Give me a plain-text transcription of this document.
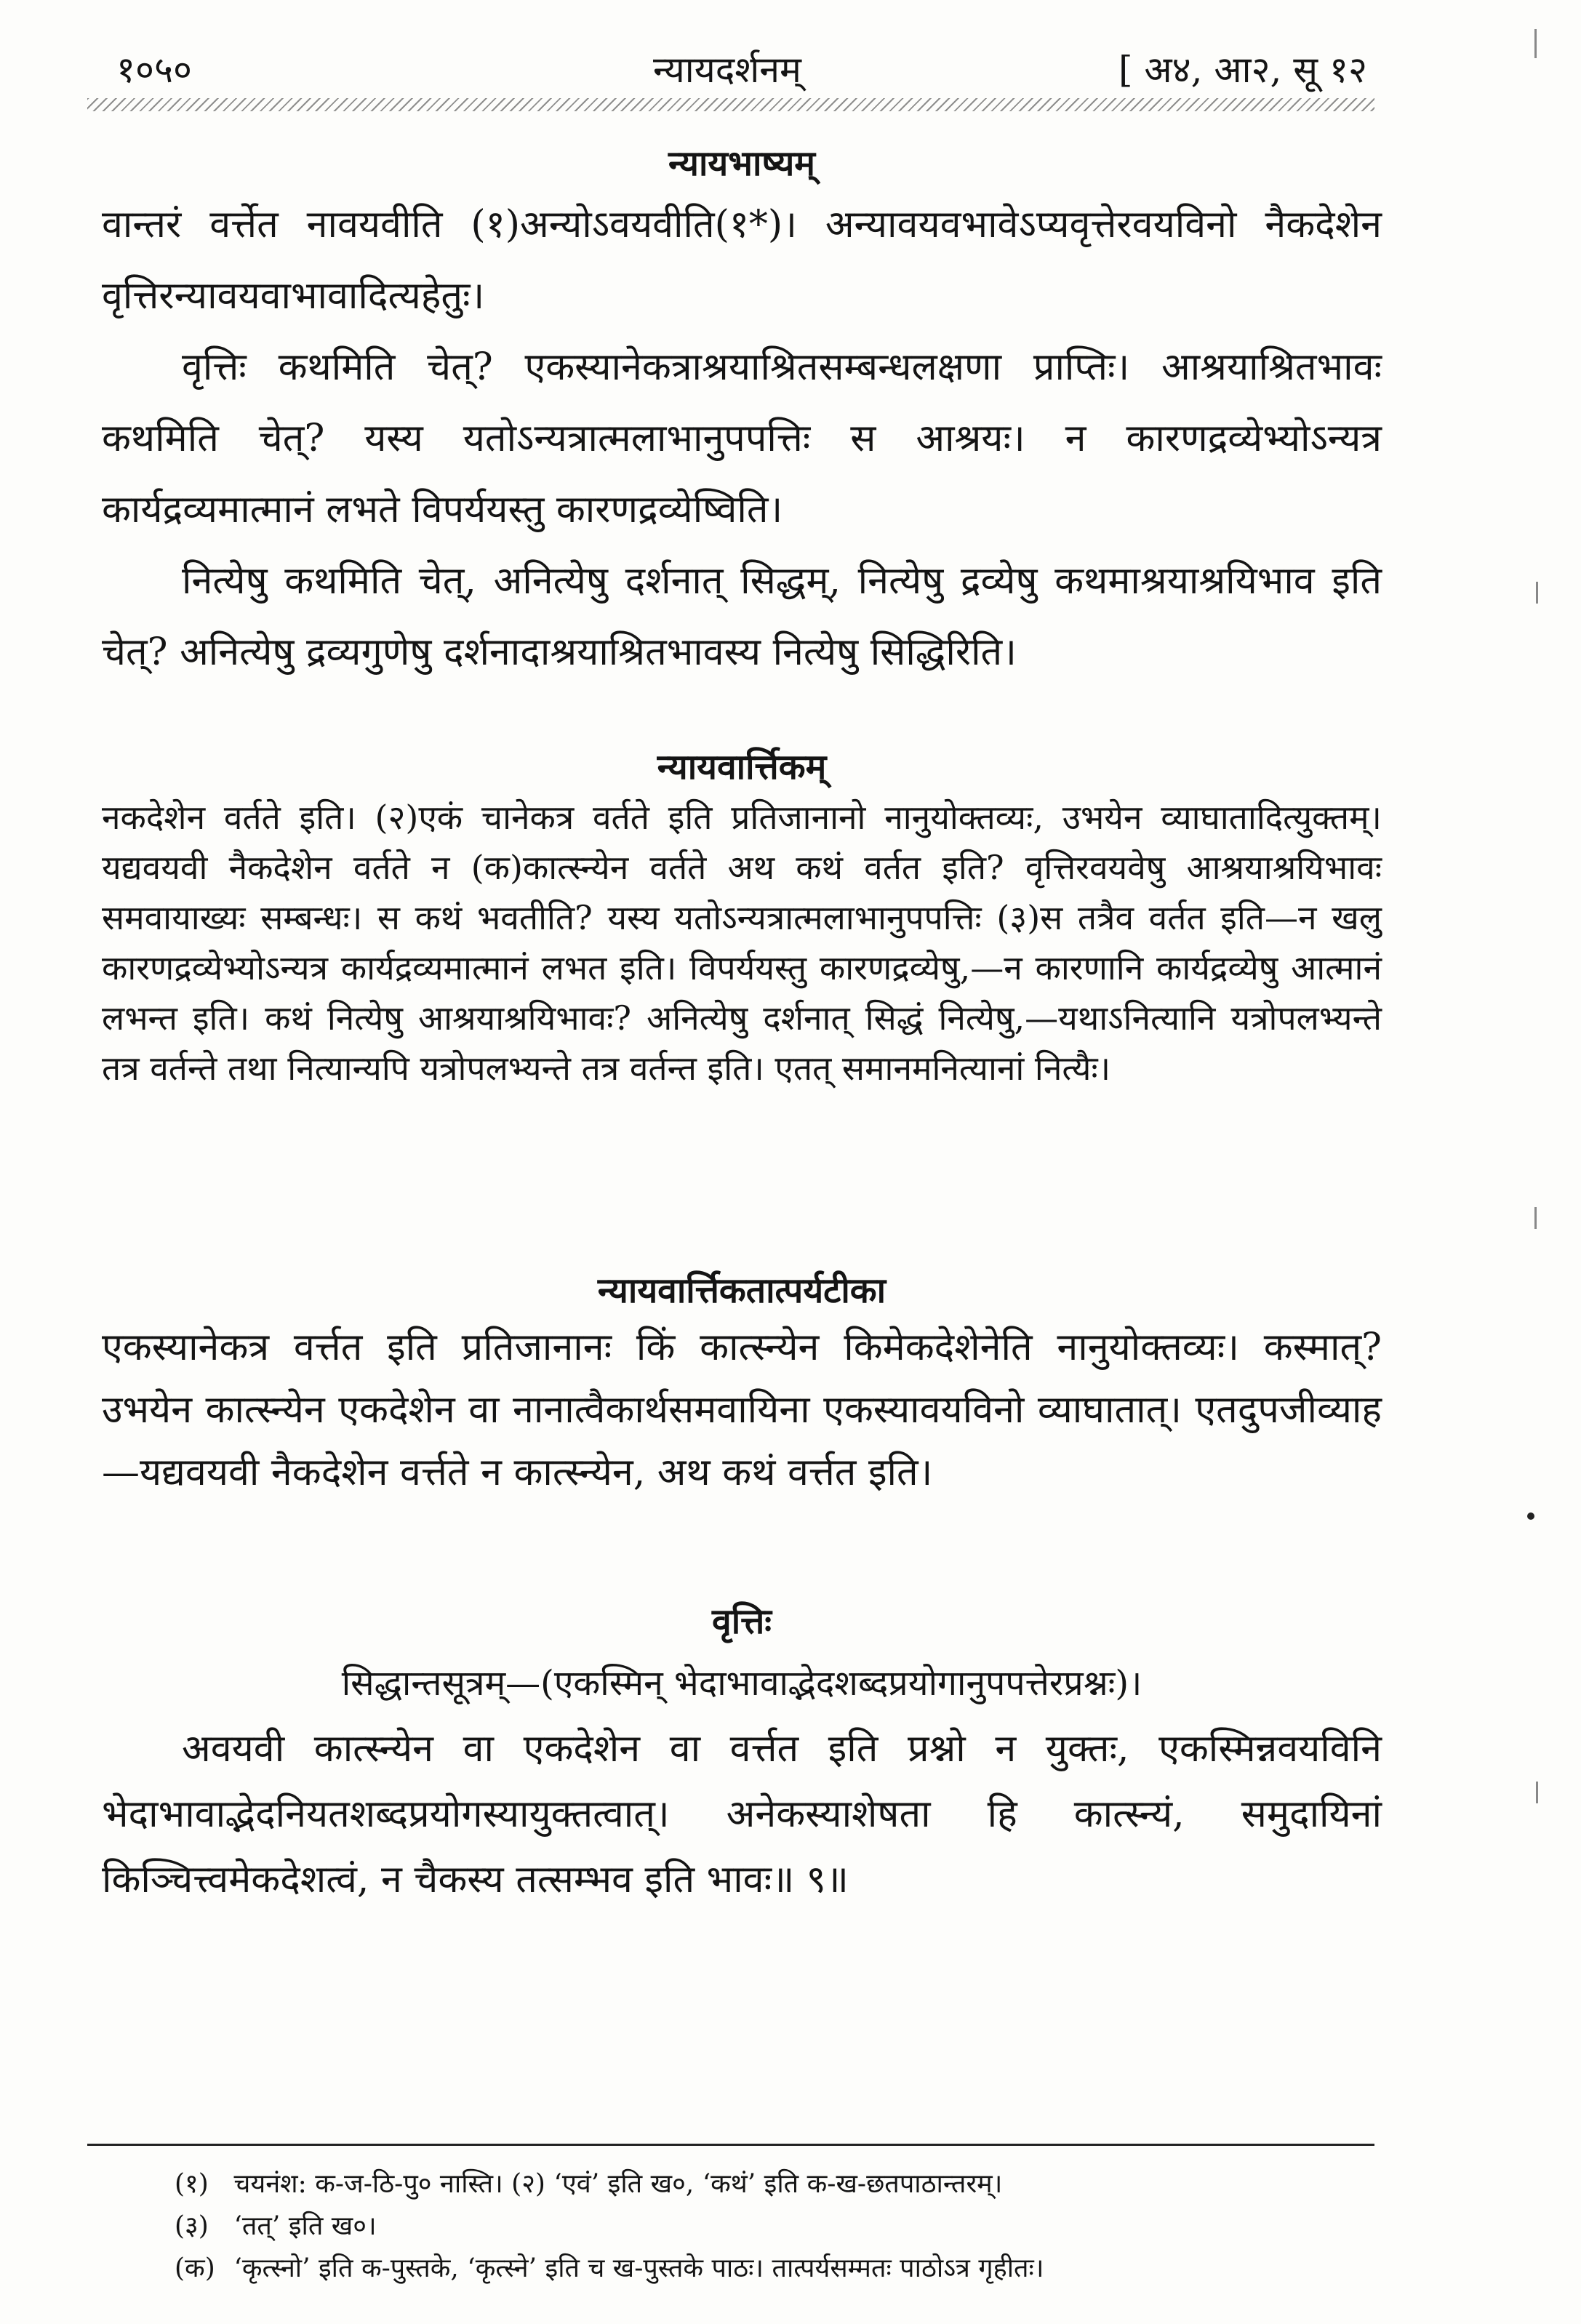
१०५०	न्यायदर्शनम्	[ अ४, आ२, सू १२

न्यायभाष्यम्

वान्तरं वर्त्तेत नावयवीति (१)अन्योऽवयवीति(१*)। अन्यावयवभावेऽप्यवृत्तेरवयविनो नैकदेशेन वृत्तिरन्यावयवाभावादित्यहेतुः।

वृत्तिः कथमिति चेत्? एकस्यानेकत्राश्रयाश्रितसम्बन्धलक्षणा प्राप्तिः। आश्रयाश्रितभावः कथमिति चेत्? यस्य यतोऽन्यत्रात्मलाभानुपपत्तिः स आश्रयः। न कारणद्रव्येभ्योऽन्यत्र कार्यद्रव्यमात्मानं लभते विपर्ययस्तु कारणद्रव्येष्विति।

नित्येषु कथमिति चेत्, अनित्येषु दर्शनात् सिद्धम्, नित्येषु द्रव्येषु कथमाश्रयाश्रयिभाव इति चेत्? अनित्येषु द्रव्यगुणेषु दर्शनादाश्रयाश्रितभावस्य नित्येषु सिद्धिरिति।

न्यायवार्त्तिकम्

नकदेशेन वर्तते इति। (२)एकं चानेकत्र वर्तते इति प्रतिजानानो नानुयोक्तव्यः, उभयेन व्याघातादित्युक्तम्। यद्यवयवी नैकदेशेन वर्तते न (क)कात्स्न्येन वर्तते अथ कथं वर्तत इति? वृत्तिरवयवेषु आश्रयाश्रयिभावः समवायाख्यः सम्बन्धः। स कथं भवतीति? यस्य यतोऽन्यत्रात्मलाभानुपपत्तिः (३)स तत्रैव वर्तत इति—न खलु कारणद्रव्येभ्योऽन्यत्र कार्यद्रव्यमात्मानं लभत इति। विपर्ययस्तु कारणद्रव्येषु,—न कारणानि कार्यद्रव्येषु आत्मानं लभन्त इति। कथं नित्येषु आश्रयाश्रयिभावः? अनित्येषु दर्शनात् सिद्धं नित्येषु,—यथाऽनित्यानि यत्रोपलभ्यन्ते तत्र वर्तन्ते तथा नित्यान्यपि यत्रोपलभ्यन्ते तत्र वर्तन्त इति। एतत् समानमनित्यानां नित्यैः।

न्यायवार्त्तिकतात्पर्यटीका

एकस्यानेकत्र वर्त्तत इति प्रतिजानानः किं कात्स्न्येन किमेकदेशेनेति नानुयोक्तव्यः। कस्मात्? उभयेन कात्स्न्येन एकदेशेन वा नानात्वैकार्थसमवायिना एकस्यावयविनो व्याघातात्। एतदुपजीव्याह—यद्यवयवी नैकदेशेन वर्त्तते न कात्स्न्येन, अथ कथं वर्त्तत इति।

वृत्तिः

सिद्धान्तसूत्रम्—(एकस्मिन् भेदाभावाद्भेदशब्दप्रयोगानुपपत्तेरप्रश्नः)।

अवयवी कात्स्न्येन वा एकदेशेन वा वर्त्तत इति प्रश्नो न युक्तः, एकस्मिन्नवयविनि भेदाभावाद्भेदनियतशब्दप्रयोगस्यायुक्तत्वात्। अनेकस्याशेषता हि कात्स्न्यं, समुदायिनां किञ्चित्त्वमेकदेशत्वं, न चैकस्य तत्सम्भव इति भावः॥ ९॥

(१) चयनंश: क-ज-ठि-पु० नास्ति। (२) ‘एवं’ इति ख०, ‘कथं’ इति क-ख-छतपाठान्तरम्।
(३) ‘तत्’ इति ख०।
(क) ‘कृत्स्नो’ इति क-पुस्तके, ‘कृत्स्ने’ इति च ख-पुस्तके पाठः। तात्पर्यसम्मतः पाठोऽत्र गृहीतः।
